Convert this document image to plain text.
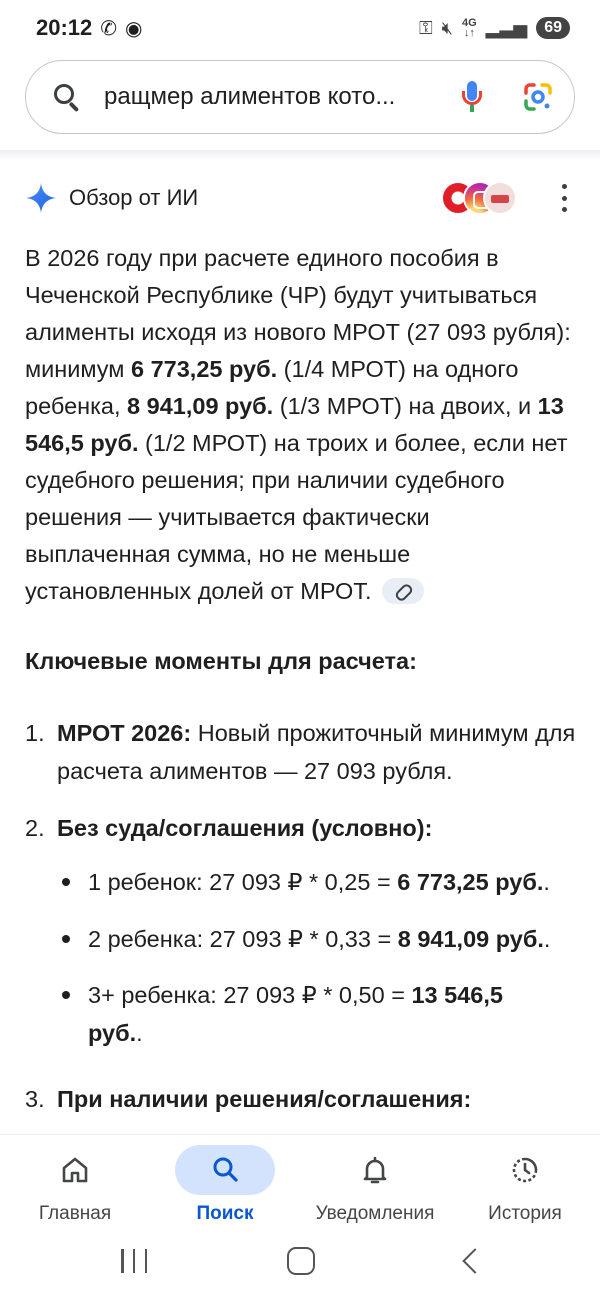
20:12 ✆ ◉	⚿ 🔇︎ 4G
↓↑ ▂▃▅	69
ращмер алиментов кото...
Обзор от ИИ

В 2026 году при расчете единого пособия в Чеченской Республике (ЧР) будут учитываться алименты исходя из нового МРОТ (27 093 рубля): минимум 6 773,25 руб. (1/4 МРОТ) на одного ребенка, 8 941,09 руб. (1/3 МРОТ) на двоих, и 13 546,5 руб. (1/2 МРОТ) на троих и более, если нет судебного решения; при наличии судебного решения — учитывается фактически выплаченная сумма, но не меньше установленных долей от МРОТ.

Ключевые моменты для расчета:
1. МРОТ 2026: Новый прожиточный минимум для расчета алиментов — 27 093 рубля.
2. Без суда/соглашения (условно):
1 ребенок: 27 093 ₽ * 0,25 = 6 773,25 руб..
2 ребенка: 27 093 ₽ * 0,33 = 8 941,09 руб..
3+ ребенка: 27 093 ₽ * 0,50 = 13 546,5 руб..
3. При наличии решения/соглашения:
Главная	Поиск	Уведомления	История
